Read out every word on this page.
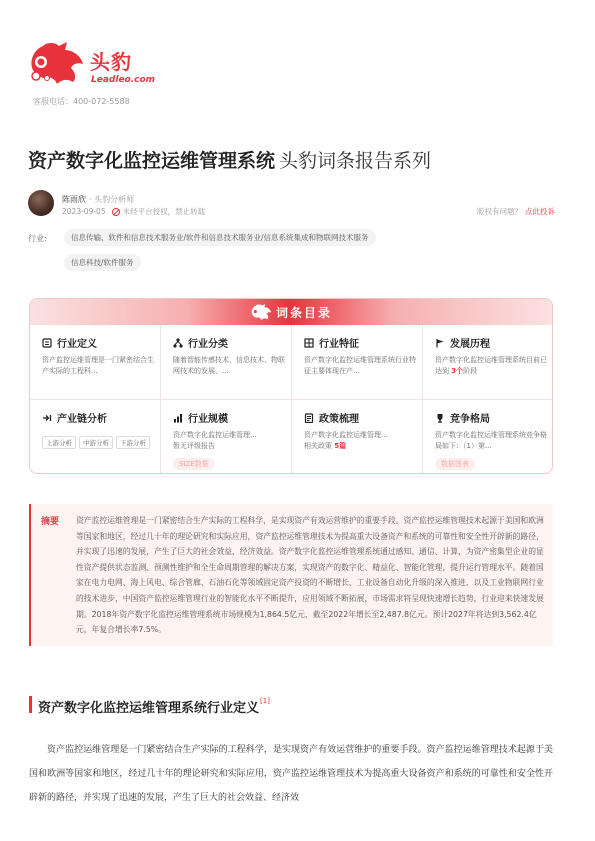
头豹
Leadleo.com
客服电话：400-072-5588
资产数字化监控运维管理系统 头豹词条报告系列
陈雨欣 · 头豹分析师
2023-09-05 未经平台授权，禁止转载	版权有问题？ 点此投诉
行业:	信息传输、软件和信息技术服务业/软件和信息技术服务业/信息系统集成和物联网技术服务
信息科技/软件服务
词条目录
行业定义
资产监控运维管理是一门紧密结合生产实际的工程科...
行业分类
随着智能传感技术、信息技术、物联网技术的发展，...
行业特征
资产数字化监控运维管理系统行业特征主要体现在产...
发展历程
资产数字化监控运维管理系统目前已达到 3个阶段
产业链分析
上游分析	中游分析	下游分析
行业规模
资产数字化监控运维管理...
暂无评级报告
SIZE数据
政策梳理
资产数字化监控运维管理...
相关政策 5篇
竞争格局
资产数字化监控运维管理系统竞争格局如下：（1）第...
数据图表
摘要 资产监控运维管理是一门紧密结合生产实际的工程科学，是实现资产有效运营维护的重要手段。资产监控运维管理技术起源于美国和欧洲等国家和地区，经过几十年的理论研究和实际应用，资产监控运维管理技术为提高重大设备资产和系统的可靠性和安全性开辟新的路径，并实现了迅速的发展，产生了巨大的社会效益、经济效益。资产数字化监控运维管理系统通过感知、通信、计算，为资产密集型企业的显性资产提供状态监测、预测性维护和全生命周期管理的解决方案，实现资产的数字化、精益化、智能化管理，提升运行管理水平。随着国家在电力电网、海上风电、综合管廊、石油石化等领域固定资产投资的不断增长、工业设备自动化升级的深入推进，以及工业物联网行业的技术进步，中国资产监控运维管理行业的智能化水平不断提升，应用领域不断拓展，市场需求将呈现快速增长趋势，行业迎来快速发展期。2018年资产数字化监控运维管理系统市场规模为1,864.5亿元，截至2022年增长至2,487.8亿元。预计2027年将达到3,562.4亿元，年复合增长率7.5%。
资产数字化监控运维管理系统行业定义[1]
资产监控运维管理是一门紧密结合生产实际的工程科学，是实现资产有效运营维护的重要手段。资产监控运维管理技术起源于美国和欧洲等国家和地区，经过几十年的理论研究和实际应用，资产监控运维管理技术为提高重大设备资产和系统的可靠性和安全性开辟新的路径，并实现了迅速的发展，产生了巨大的社会效益、经济效
